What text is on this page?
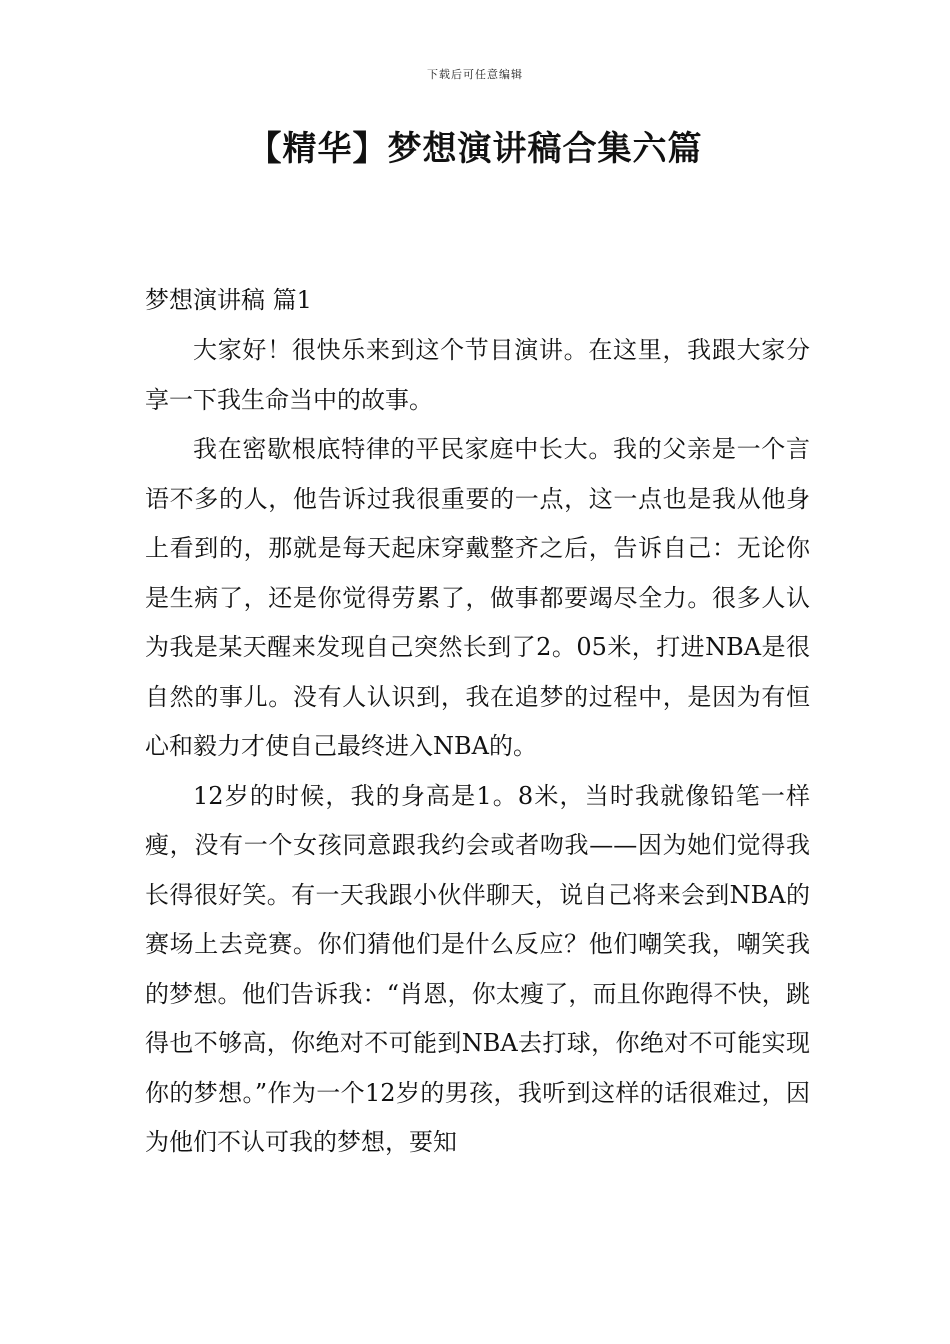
下载后可任意编辑
【精华】梦想演讲稿合集六篇
梦想演讲稿 篇1

大家好！很快乐来到这个节目演讲。在这里，我跟大家分享一下我生命当中的故事。

我在密歇根底特律的平民家庭中长大。我的父亲是一个言语不多的人，他告诉过我很重要的一点，这一点也是我从他身上看到的，那就是每天起床穿戴整齐之后，告诉自己：无论你是生病了，还是你觉得劳累了，做事都要竭尽全力。很多人认为我是某天醒来发现自己突然长到了2。05米，打进NBA是很自然的事儿。没有人认识到，我在追梦的过程中，是因为有恒心和毅力才使自己最终进入NBA的。

12岁的时候，我的身高是1。8米，当时我就像铅笔一样瘦，没有一个女孩同意跟我约会或者吻我——因为她们觉得我长得很好笑。有一天我跟小伙伴聊天，说自己将来会到NBA的赛场上去竞赛。你们猜他们是什么反应？他们嘲笑我，嘲笑我的梦想。他们告诉我：“肖恩，你太瘦了，而且你跑得不快，跳得也不够高，你绝对不可能到NBA去打球，你绝对不可能实现你的梦想。”作为一个12岁的男孩，我听到这样的话很难过，因为他们不认可我的梦想，要知
